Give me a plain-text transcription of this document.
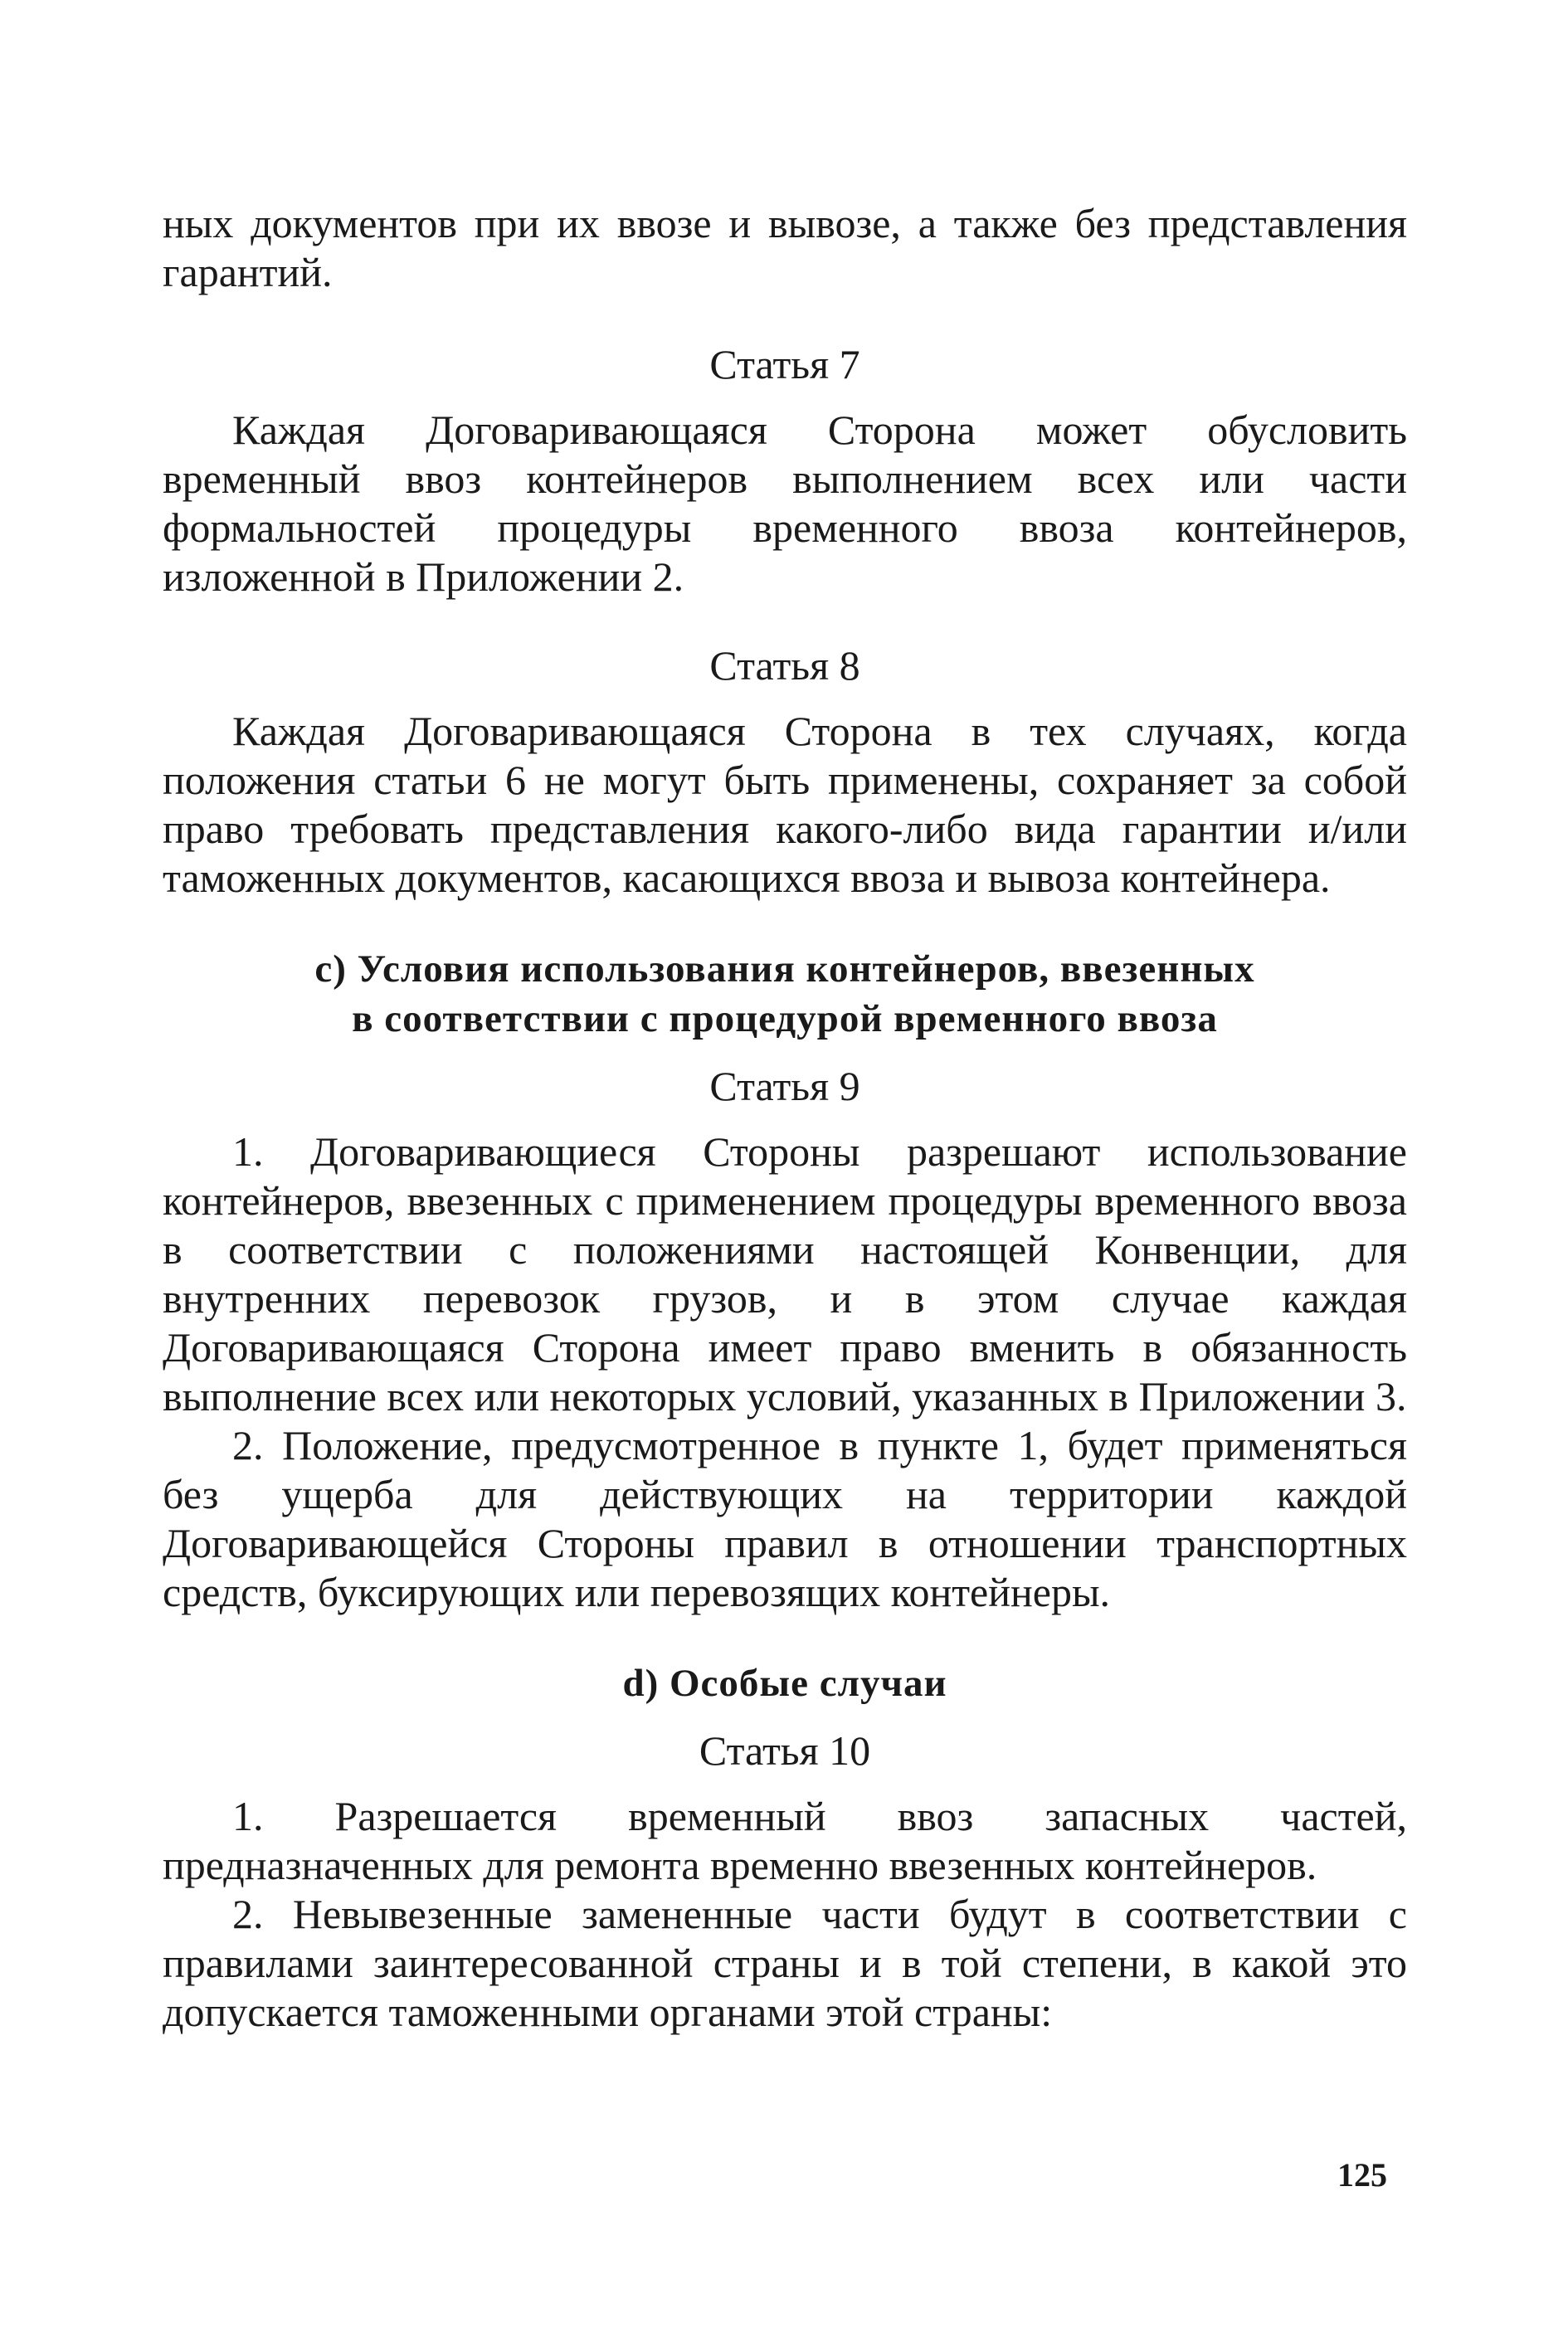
ных документов при их ввозе и вывозе, а также без представления гарантий.

Статья 7

Каждая Договаривающаяся Сторона может обусловить временный ввоз контейнеров выполнением всех или части формальностей процедуры временного ввоза контейнеров, изложенной в Приложении 2.

Статья 8

Каждая Договаривающаяся Сторона в тех случаях, когда положения статьи 6 не могут быть применены, сохраняет за собой право требовать представления какого-либо вида гарантии и/или таможенных документов, касающихся ввоза и вывоза контейнера.

с) Условия использования контейнеров, ввезенных

в соответствии с процедурой временного ввоза

Статья 9

1. Договаривающиеся Стороны разрешают использование контейнеров, ввезенных с применением процедуры временного ввоза в соответствии с положениями настоящей Конвенции, для внутренних перевозок грузов, и в этом случае каждая Договаривающаяся Сторона имеет право вменить в обязанность выполнение всех или некоторых условий, указанных в Приложении 3.

2. Положение, предусмотренное в пункте 1, будет применяться без ущерба для действующих на территории каждой Договаривающейся Стороны правил в отношении транспортных средств, буксирующих или перевозящих контейнеры.

d) Особые случаи

Статья 10

1. Разрешается временный ввоз запасных частей, предназначенных для ремонта временно ввезенных контейнеров.

2. Невывезенные замененные части будут в соответствии с правилами заинтересованной страны и в той степени, в какой это допускается таможенными органами этой страны:

125
